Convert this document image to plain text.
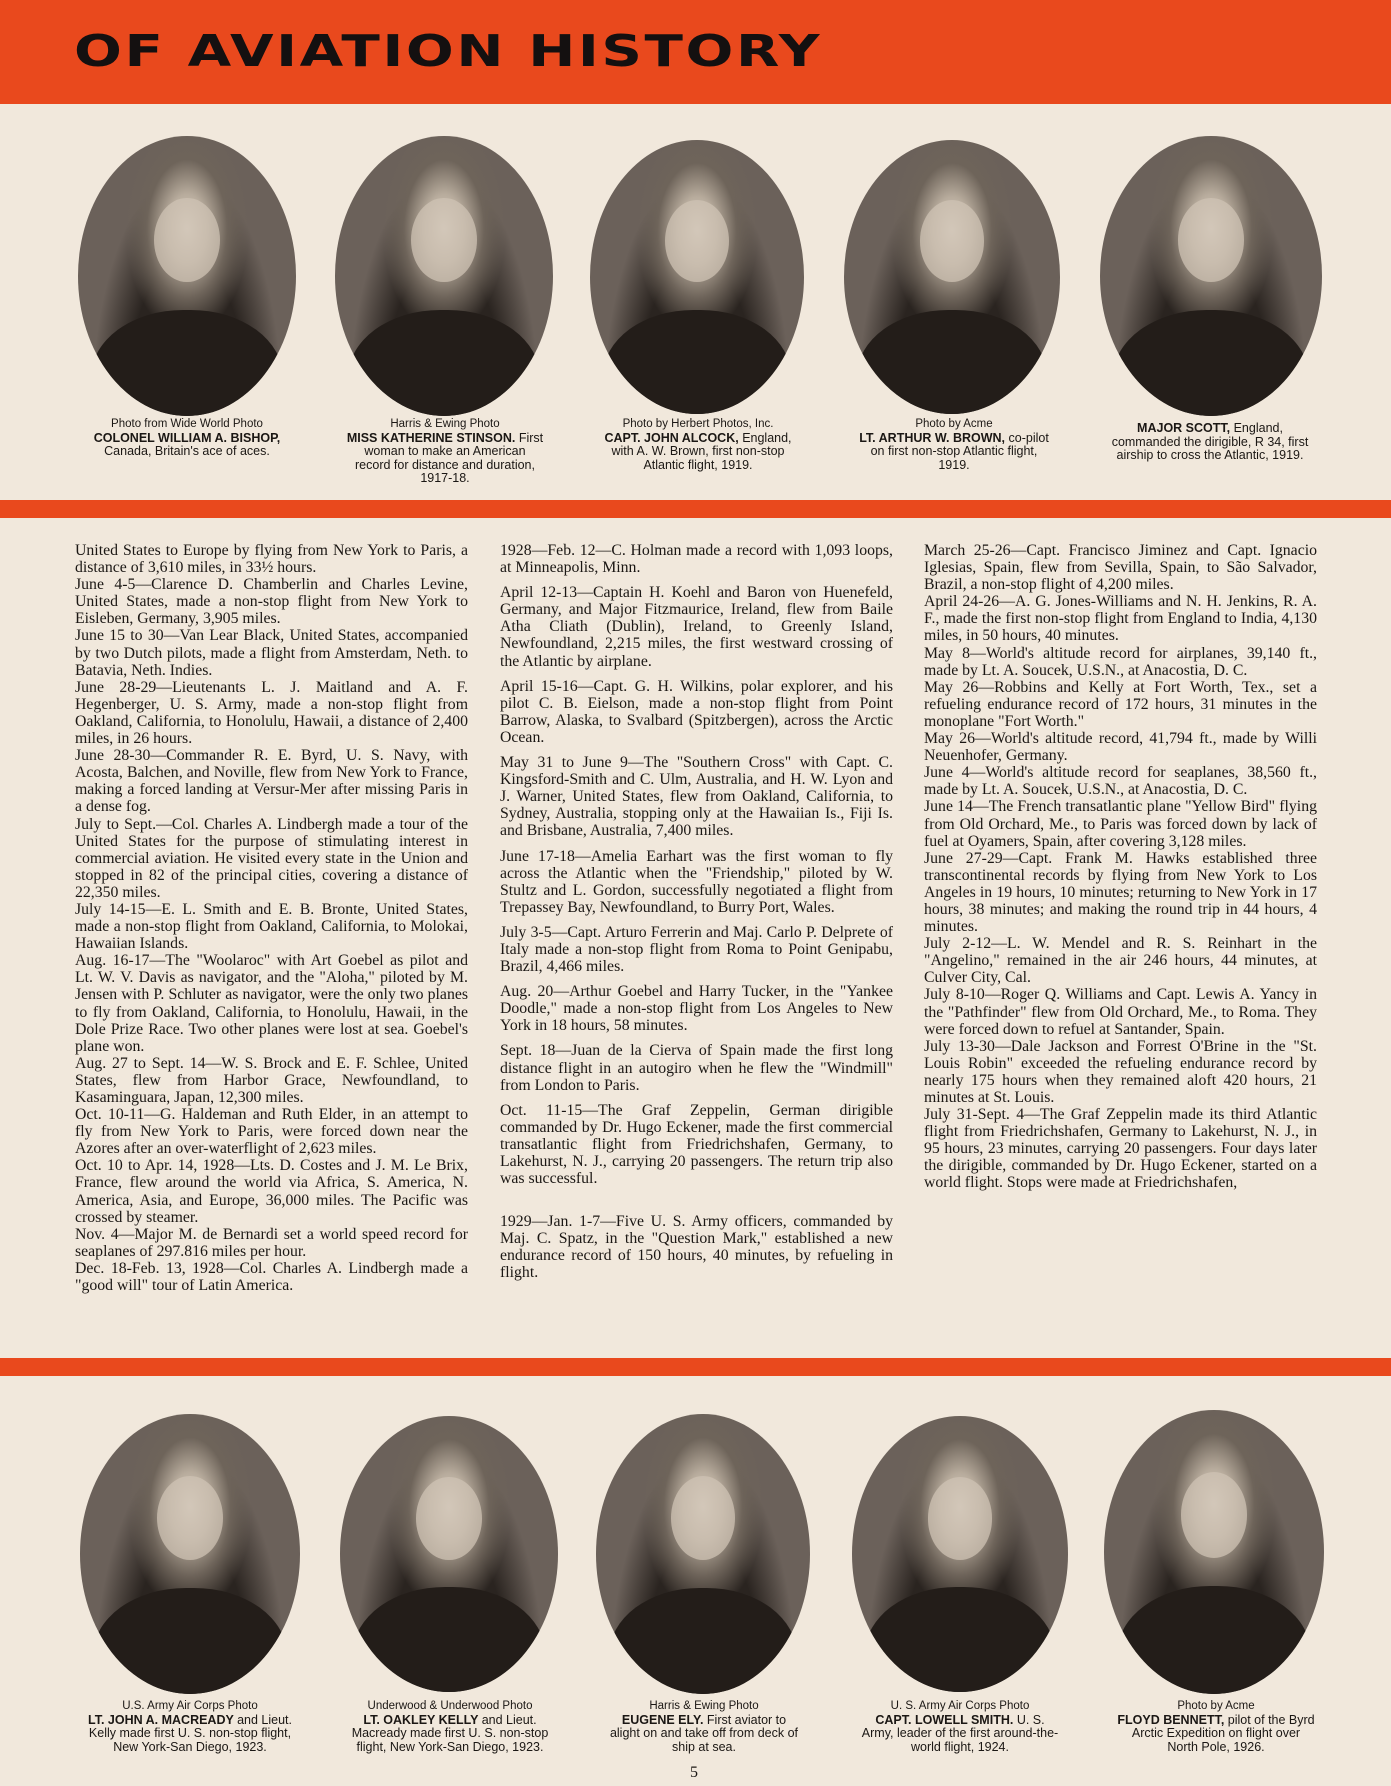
OF AVIATION HISTORY
Photo from Wide World Photo
COLONEL WILLIAM A. BISHOP, Canada, Britain's ace of aces.
Harris & Ewing Photo
MISS KATHERINE STINSON. First woman to make an American record for distance and duration, 1917-18.
Photo by Herbert Photos, Inc.
CAPT. JOHN ALCOCK, England, with A. W. Brown, first non-stop Atlantic flight, 1919.
Photo by Acme
LT. ARTHUR W. BROWN, co-pilot on first non-stop Atlantic flight, 1919.
MAJOR SCOTT, England, commanded the dirigible, R 34, first airship to cross the Atlantic, 1919.

United States to Europe by flying from New York to Paris, a distance of 3,610 miles, in 33½ hours.

June 4-5—Clarence D. Chamberlin and Charles Levine, United States, made a non-stop flight from New York to Eisleben, Germany, 3,905 miles.

June 15 to 30—Van Lear Black, United States, accompanied by two Dutch pilots, made a flight from Amsterdam, Neth. to Batavia, Neth. Indies.

June 28-29—Lieutenants L. J. Maitland and A. F. Hegenberger, U. S. Army, made a non-stop flight from Oakland, California, to Honolulu, Hawaii, a distance of 2,400 miles, in 26 hours.

June 28-30—Commander R. E. Byrd, U. S. Navy, with Acosta, Balchen, and Noville, flew from New York to France, making a forced landing at Versur-Mer after missing Paris in a dense fog.

July to Sept.—Col. Charles A. Lindbergh made a tour of the United States for the purpose of stimulating interest in commercial aviation. He visited every state in the Union and stopped in 82 of the principal cities, covering a distance of 22,350 miles.

July 14-15—E. L. Smith and E. B. Bronte, United States, made a non-stop flight from Oakland, California, to Molokai, Hawaiian Islands.

Aug. 16-17—The "Woolaroc" with Art Goebel as pilot and Lt. W. V. Davis as navigator, and the "Aloha," piloted by M. Jensen with P. Schluter as navigator, were the only two planes to fly from Oakland, California, to Honolulu, Hawaii, in the Dole Prize Race. Two other planes were lost at sea. Goebel's plane won.

Aug. 27 to Sept. 14—W. S. Brock and E. F. Schlee, United States, flew from Harbor Grace, Newfoundland, to Kasaminguara, Japan, 12,300 miles.

Oct. 10-11—G. Haldeman and Ruth Elder, in an attempt to fly from New York to Paris, were forced down near the Azores after an over-waterflight of 2,623 miles.

Oct. 10 to Apr. 14, 1928—Lts. D. Costes and J. M. Le Brix, France, flew around the world via Africa, S. America, N. America, Asia, and Europe, 36,000 miles. The Pacific was crossed by steamer.

Nov. 4—Major M. de Bernardi set a world speed record for seaplanes of 297.816 miles per hour.

Dec. 18-Feb. 13, 1928—Col. Charles A. Lindbergh made a "good will" tour of Latin America.

1928—Feb. 12—C. Holman made a record with 1,093 loops, at Minneapolis, Minn.

April 12-13—Captain H. Koehl and Baron von Huenefeld, Germany, and Major Fitzmaurice, Ireland, flew from Baile Atha Cliath (Dublin), Ireland, to Greenly Island, Newfoundland, 2,215 miles, the first westward crossing of the Atlantic by airplane.

April 15-16—Capt. G. H. Wilkins, polar explorer, and his pilot C. B. Eielson, made a non-stop flight from Point Barrow, Alaska, to Svalbard (Spitzbergen), across the Arctic Ocean.

May 31 to June 9—The "Southern Cross" with Capt. C. Kingsford-Smith and C. Ulm, Australia, and H. W. Lyon and J. Warner, United States, flew from Oakland, California, to Sydney, Australia, stopping only at the Hawaiian Is., Fiji Is. and Brisbane, Australia, 7,400 miles.

June 17-18—Amelia Earhart was the first woman to fly across the Atlantic when the "Friendship," piloted by W. Stultz and L. Gordon, successfully negotiated a flight from Trepassey Bay, Newfoundland, to Burry Port, Wales.

July 3-5—Capt. Arturo Ferrerin and Maj. Carlo P. Delprete of Italy made a non-stop flight from Roma to Point Genipabu, Brazil, 4,466 miles.

Aug. 20—Arthur Goebel and Harry Tucker, in the "Yankee Doodle," made a non-stop flight from Los Angeles to New York in 18 hours, 58 minutes.

Sept. 18—Juan de la Cierva of Spain made the first long distance flight in an autogiro when he flew the "Windmill" from London to Paris.

Oct. 11-15—The Graf Zeppelin, German dirigible commanded by Dr. Hugo Eckener, made the first commercial transatlantic flight from Friedrichshafen, Germany, to Lakehurst, N. J., carrying 20 passengers. The return trip also was successful.

1929—Jan. 1-7—Five U. S. Army officers, commanded by Maj. C. Spatz, in the "Question Mark," established a new endurance record of 150 hours, 40 minutes, by refueling in flight.

March 25-26—Capt. Francisco Jiminez and Capt. Ignacio Iglesias, Spain, flew from Sevilla, Spain, to São Salvador, Brazil, a non-stop flight of 4,200 miles.

April 24-26—A. G. Jones-Williams and N. H. Jenkins, R. A. F., made the first non-stop flight from England to India, 4,130 miles, in 50 hours, 40 minutes.

May 8—World's altitude record for airplanes, 39,140 ft., made by Lt. A. Soucek, U.S.N., at Anacostia, D. C.

May 26—Robbins and Kelly at Fort Worth, Tex., set a refueling endurance record of 172 hours, 31 minutes in the monoplane "Fort Worth."

May 26—World's altitude record, 41,794 ft., made by Willi Neuenhofer, Germany.

June 4—World's altitude record for seaplanes, 38,560 ft., made by Lt. A. Soucek, U.S.N., at Anacostia, D. C.

June 14—The French transatlantic plane "Yellow Bird" flying from Old Orchard, Me., to Paris was forced down by lack of fuel at Oyamers, Spain, after covering 3,128 miles.

June 27-29—Capt. Frank M. Hawks established three transcontinental records by flying from New York to Los Angeles in 19 hours, 10 minutes; returning to New York in 17 hours, 38 minutes; and making the round trip in 44 hours, 4 minutes.

July 2-12—L. W. Mendel and R. S. Reinhart in the "Angelino," remained in the air 246 hours, 44 minutes, at Culver City, Cal.

July 8-10—Roger Q. Williams and Capt. Lewis A. Yancy in the "Pathfinder" flew from Old Orchard, Me., to Roma. They were forced down to refuel at Santander, Spain.

July 13-30—Dale Jackson and Forrest O'Brine in the "St. Louis Robin" exceeded the refueling endurance record by nearly 175 hours when they remained aloft 420 hours, 21 minutes at St. Louis.

July 31-Sept. 4—The Graf Zeppelin made its third Atlantic flight from Friedrichshafen, Germany to Lakehurst, N. J., in 95 hours, 23 minutes, carrying 20 passengers. Four days later the dirigible, commanded by Dr. Hugo Eckener, started on a world flight. Stops were made at Friedrichshafen,

U.S. Army Air Corps Photo
LT. JOHN A. MACREADY and Lieut. Kelly made first U. S. non-stop flight, New York-San Diego, 1923.
Underwood & Underwood Photo
LT. OAKLEY KELLY and Lieut. Macready made first U. S. non-stop flight, New York-San Diego, 1923.
Harris & Ewing Photo
EUGENE ELY. First aviator to alight on and take off from deck of ship at sea.
U. S. Army Air Corps Photo
CAPT. LOWELL SMITH. U. S. Army, leader of the first around-the-world flight, 1924.
Photo by Acme
FLOYD BENNETT, pilot of the Byrd Arctic Expedition on flight over North Pole, 1926.
5
